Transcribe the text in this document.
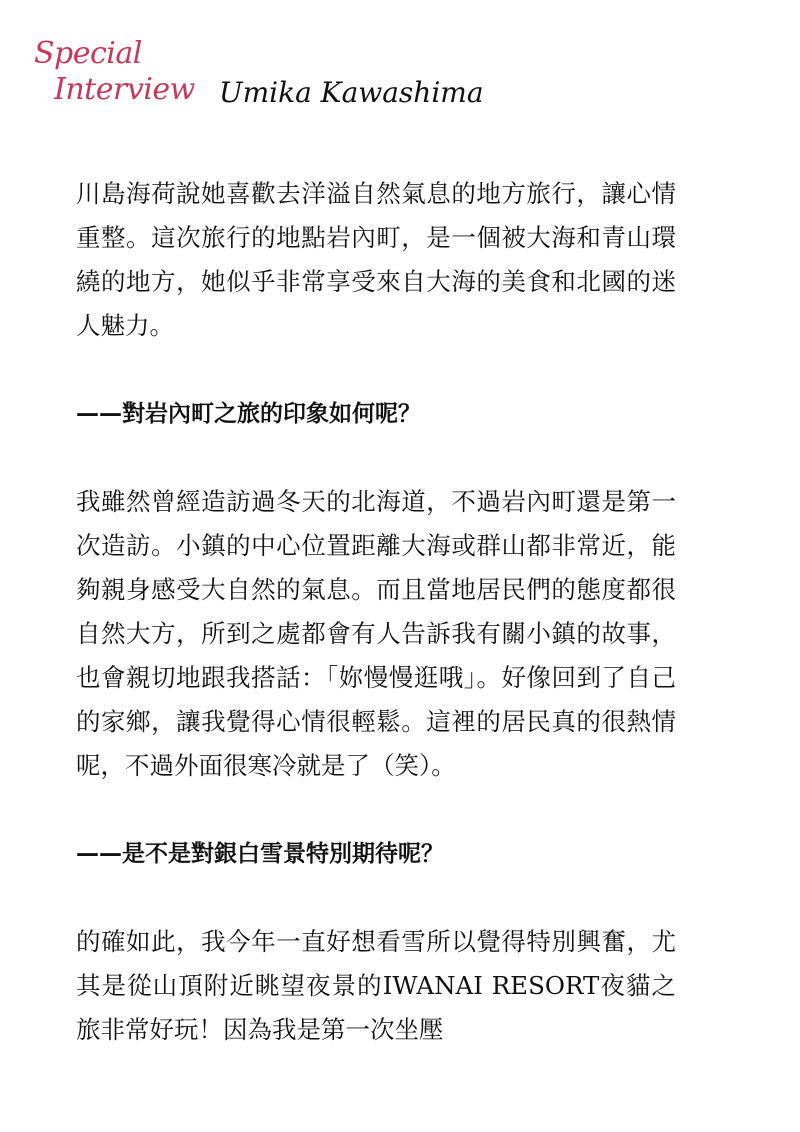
Special
Interview Umika Kawashima

川島海荷說她喜歡去洋溢自然氣息的地方旅行，讓心情重整。這次旅行的地點岩內町，是一個被大海和青山環繞的地方，她似乎非常享受來自大海的美食和北國的迷人魅力。

——對岩內町之旅的印象如何呢？

我雖然曾經造訪過冬天的北海道，不過岩內町還是第一次造訪。小鎮的中心位置距離大海或群山都非常近，能夠親身感受大自然的氣息。而且當地居民們的態度都很自然大方，所到之處都會有人告訴我有關小鎮的故事，也會親切地跟我搭話：「妳慢慢逛哦」。好像回到了自己的家鄉，讓我覺得心情很輕鬆。這裡的居民真的很熱情呢，不過外面很寒冷就是了（笑）。

——是不是對銀白雪景特別期待呢？

的確如此，我今年一直好想看雪所以覺得特別興奮，尤其是從山頂附近眺望夜景的IWANAI RESORT夜貓之旅非常好玩！因為我是第一次坐壓
